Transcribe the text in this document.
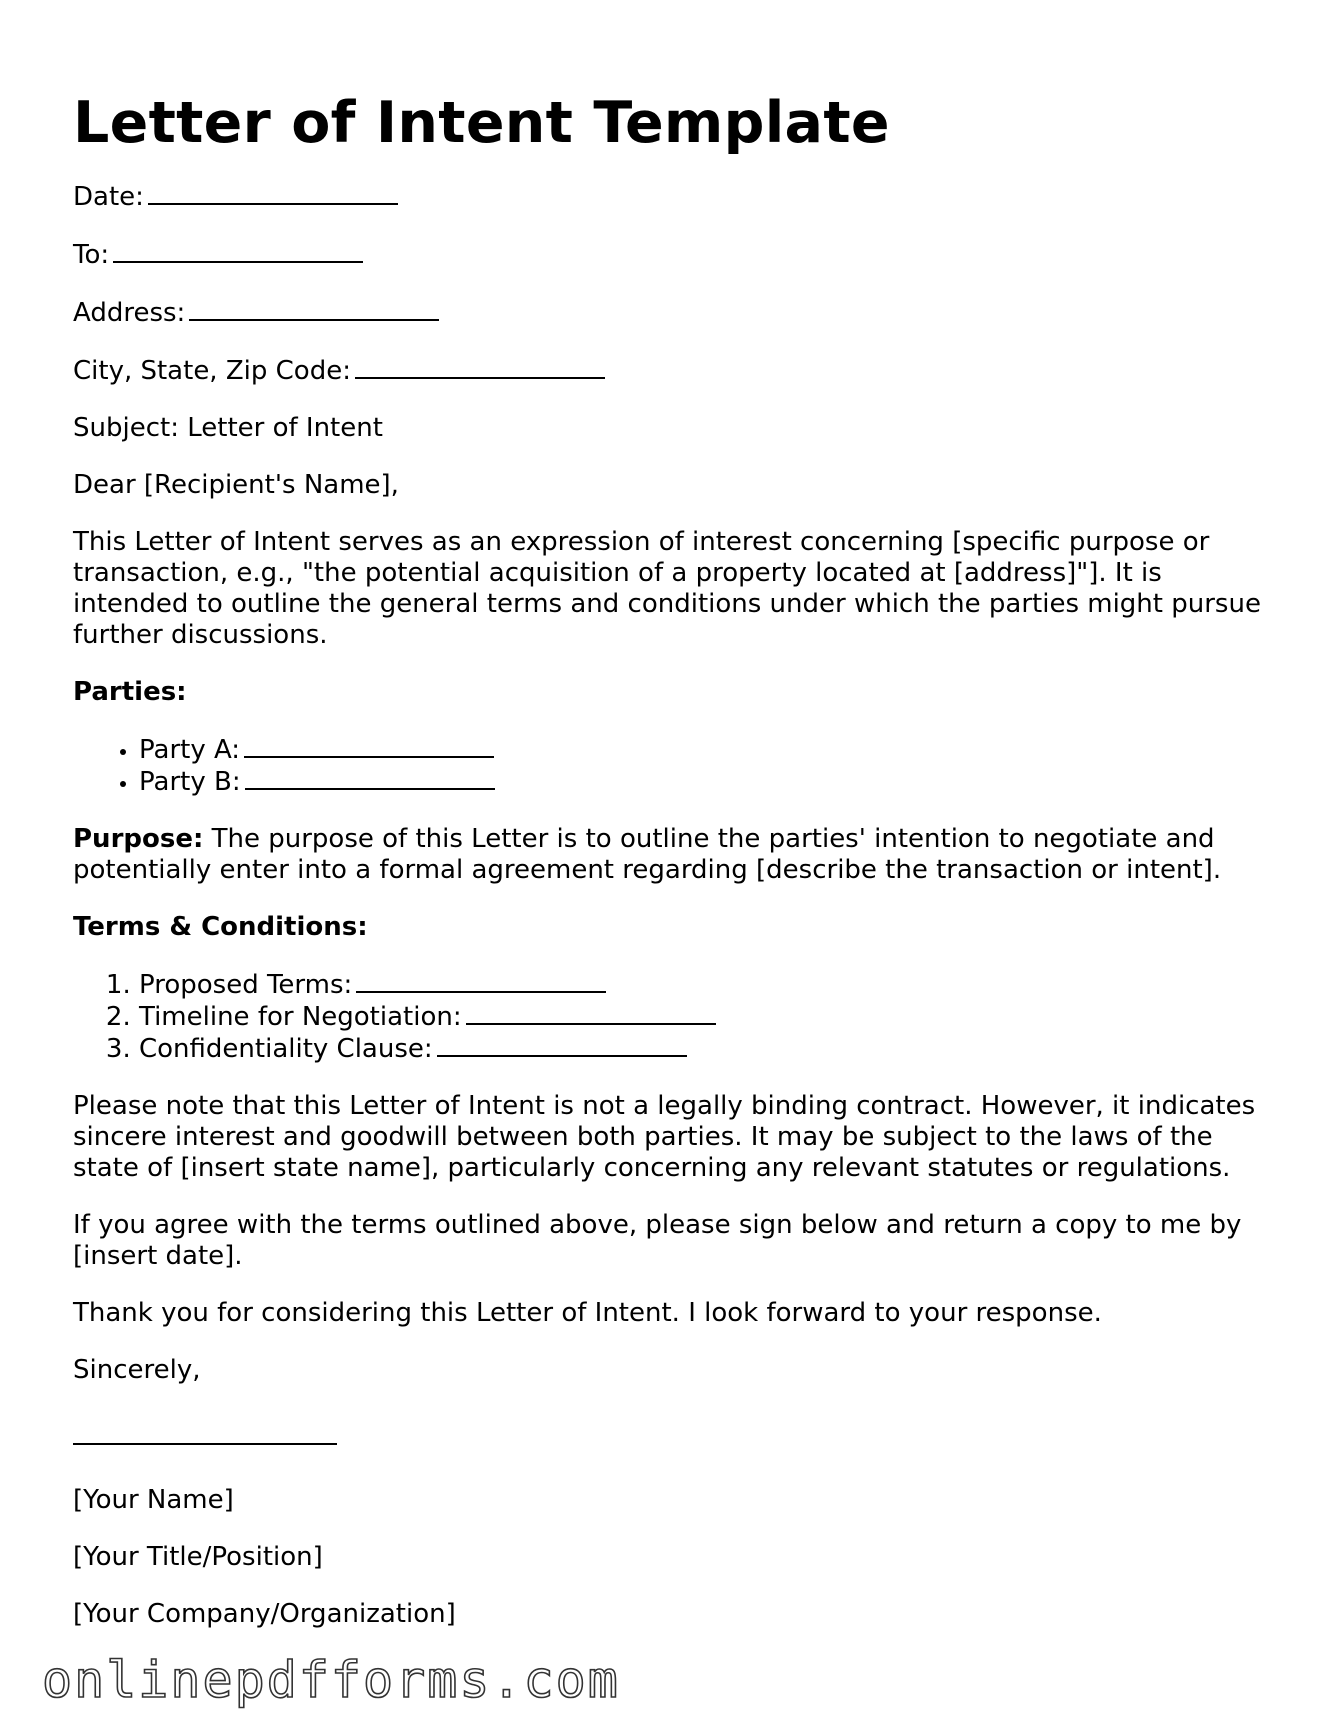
Letter of Intent Template

Date:

To:

Address:

City, State, Zip Code:

Subject: Letter of Intent

Dear [Recipient's Name],

This Letter of Intent serves as an expression of interest concerning [specific purpose or transaction, e.g., "the potential acquisition of a property located at [address]"]. It is intended to outline the general terms and conditions under which the parties might pursue further discussions.

Parties:

• Party A:
• Party B:

Purpose: The purpose of this Letter is to outline the parties' intention to negotiate and potentially enter into a formal agreement regarding [describe the transaction or intent].

Terms & Conditions:

1. Proposed Terms:
2. Timeline for Negotiation:
3. Confidentiality Clause:

Please note that this Letter of Intent is not a legally binding contract. However, it indicates sincere interest and goodwill between both parties. It may be subject to the laws of the state of [insert state name], particularly concerning any relevant statutes or regulations.

If you agree with the terms outlined above, please sign below and return a copy to me by [insert date].

Thank you for considering this Letter of Intent. I look forward to your response.

Sincerely,

[Your Name]

[Your Title/Position]

[Your Company/Organization]

onlinepdfforms.com
